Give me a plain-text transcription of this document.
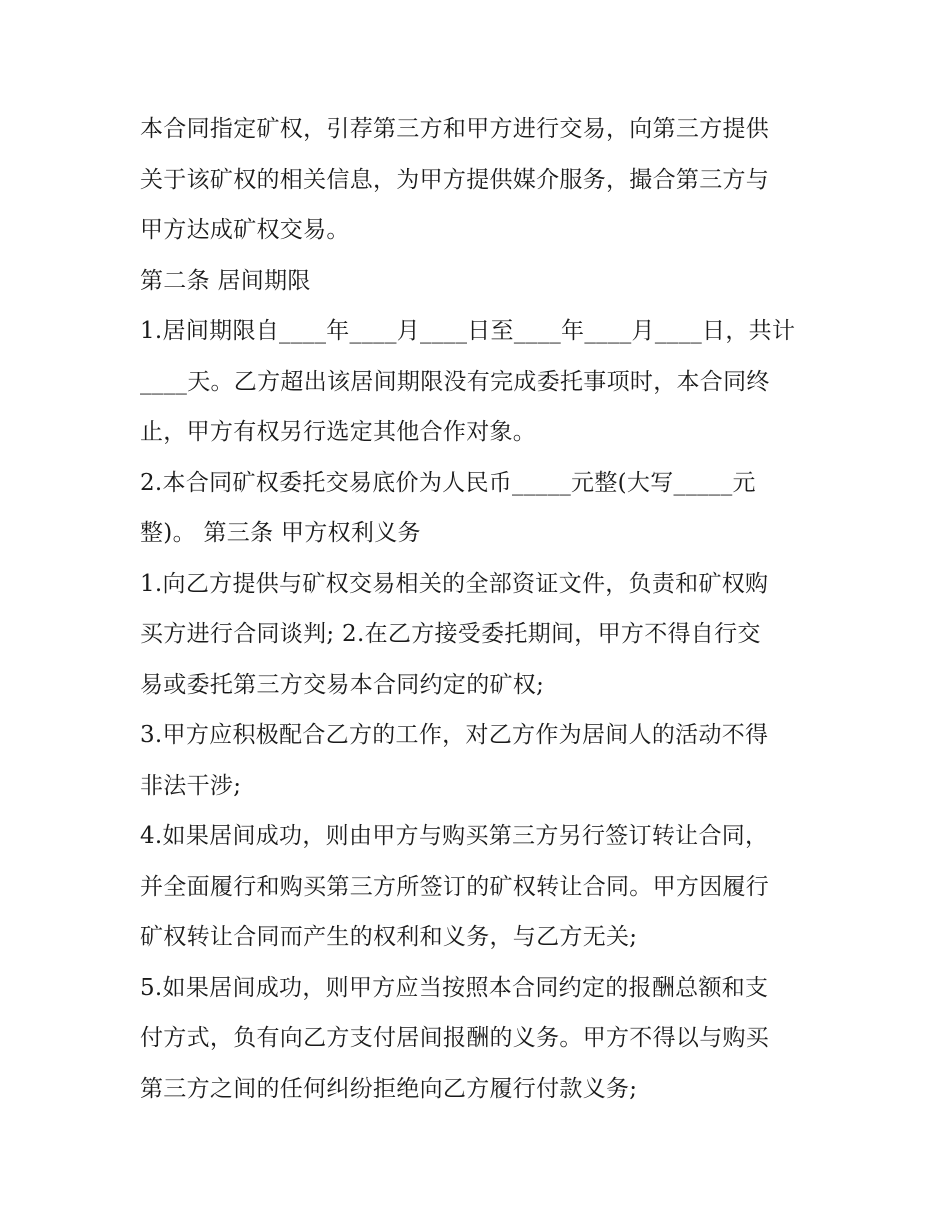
本合同指定矿权，引荐第三方和甲方进行交易，向第三方提供
关于该矿权的相关信息，为甲方提供媒介服务，撮合第三方与
甲方达成矿权交易。
第二条 居间期限
1.居间期限自____年____月____日至____年____月____日，共计
____天。乙方超出该居间期限没有完成委托事项时，本合同终
止，甲方有权另行选定其他合作对象。
2.本合同矿权委托交易底价为人民币_____元整(大写_____元
整)。 第三条 甲方权利义务
1.向乙方提供与矿权交易相关的全部资证文件，负责和矿权购
买方进行合同谈判; 2.在乙方接受委托期间，甲方不得自行交
易或委托第三方交易本合同约定的矿权;
3.甲方应积极配合乙方的工作，对乙方作为居间人的活动不得
非法干涉;
4.如果居间成功，则由甲方与购买第三方另行签订转让合同，
并全面履行和购买第三方所签订的矿权转让合同。甲方因履行
矿权转让合同而产生的权利和义务，与乙方无关;
5.如果居间成功，则甲方应当按照本合同约定的报酬总额和支
付方式，负有向乙方支付居间报酬的义务。甲方不得以与购买
第三方之间的任何纠纷拒绝向乙方履行付款义务;
